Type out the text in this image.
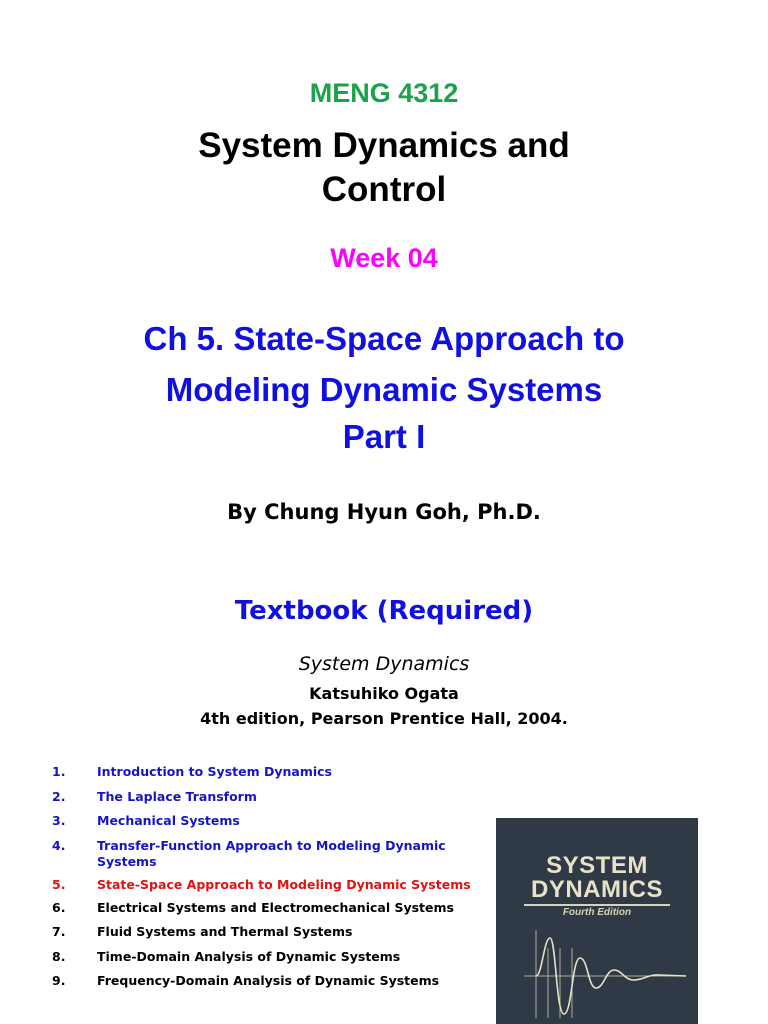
MENG 4312

System Dynamics and
Control

Week 04

Ch 5. State-Space Approach to
Modeling Dynamic Systems

Part I

By Chung Hyun Goh, Ph.D.

Textbook (Required)

System Dynamics

Katsuhiko Ogata

4th edition, Pearson Prentice Hall, 2004.

1.	Introduction to System Dynamics
2.	The Laplace Transform
3.	Mechanical Systems
4.	Transfer-Function Approach to Modeling Dynamic Systems
5.	State-Space Approach to Modeling Dynamic Systems
6.	Electrical Systems and Electromechanical Systems
7.	Fluid Systems and Thermal Systems
8.	Time-Domain Analysis of Dynamic Systems
9.	Frequency-Domain Analysis of Dynamic Systems
SYSTEM
DYNAMICS
Fourth Edition
